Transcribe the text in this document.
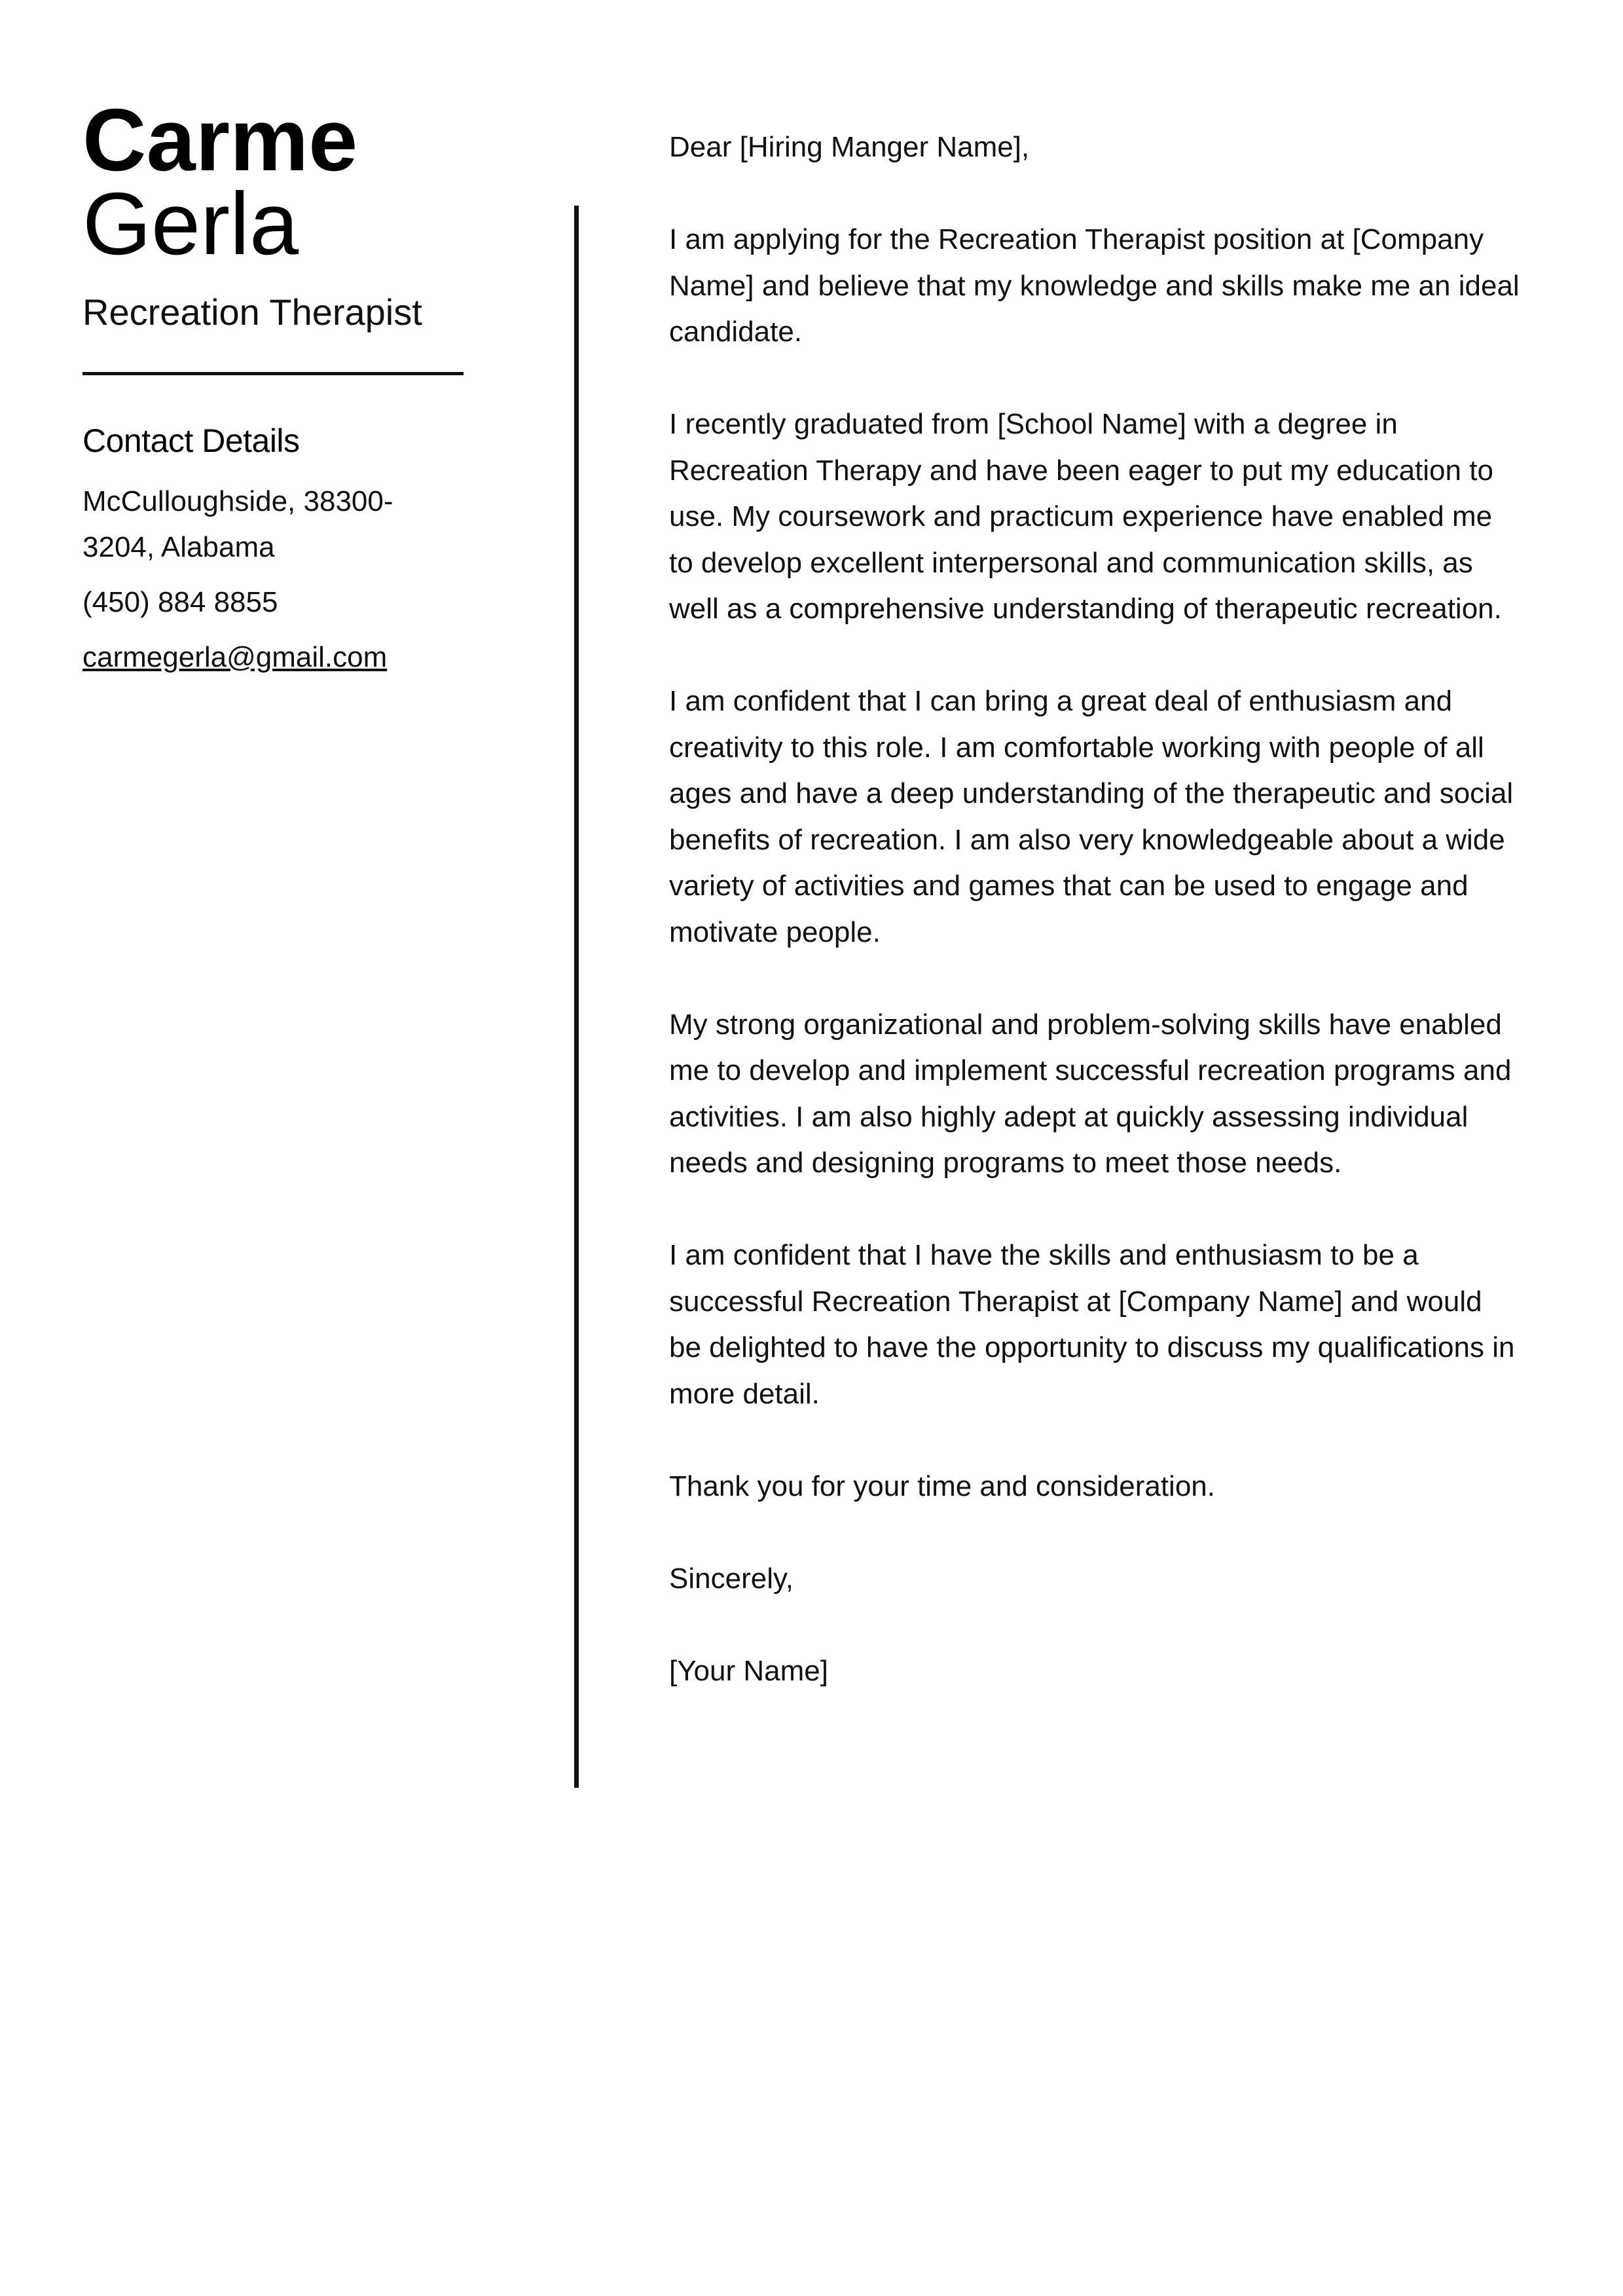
Carme
Gerla
Recreation Therapist
Contact Details
McCulloughside, 38300-3204, Alabama
(450) 884 8855
carmegerla@gmail.com

Dear [Hiring Manger Name],

I am applying for the Recreation Therapist position at [Company Name] and believe that my knowledge and skills make me an ideal candidate.

I recently graduated from [School Name] with a degree in Recreation Therapy and have been eager to put my education to use. My coursework and practicum experience have enabled me to develop excellent interpersonal and communication skills, as well as a comprehensive understanding of therapeutic recreation.

I am confident that I can bring a great deal of enthusiasm and creativity to this role. I am comfortable working with people of all ages and have a deep understanding of the therapeutic and social benefits of recreation. I am also very knowledgeable about a wide variety of activities and games that can be used to engage and motivate people.

My strong organizational and problem-solving skills have enabled me to develop and implement successful recreation programs and activities. I am also highly adept at quickly assessing individual needs and designing programs to meet those needs.

I am confident that I have the skills and enthusiasm to be a successful Recreation Therapist at [Company Name] and would be delighted to have the opportunity to discuss my qualifications in more detail.

Thank you for your time and consideration.

Sincerely,

[Your Name]
